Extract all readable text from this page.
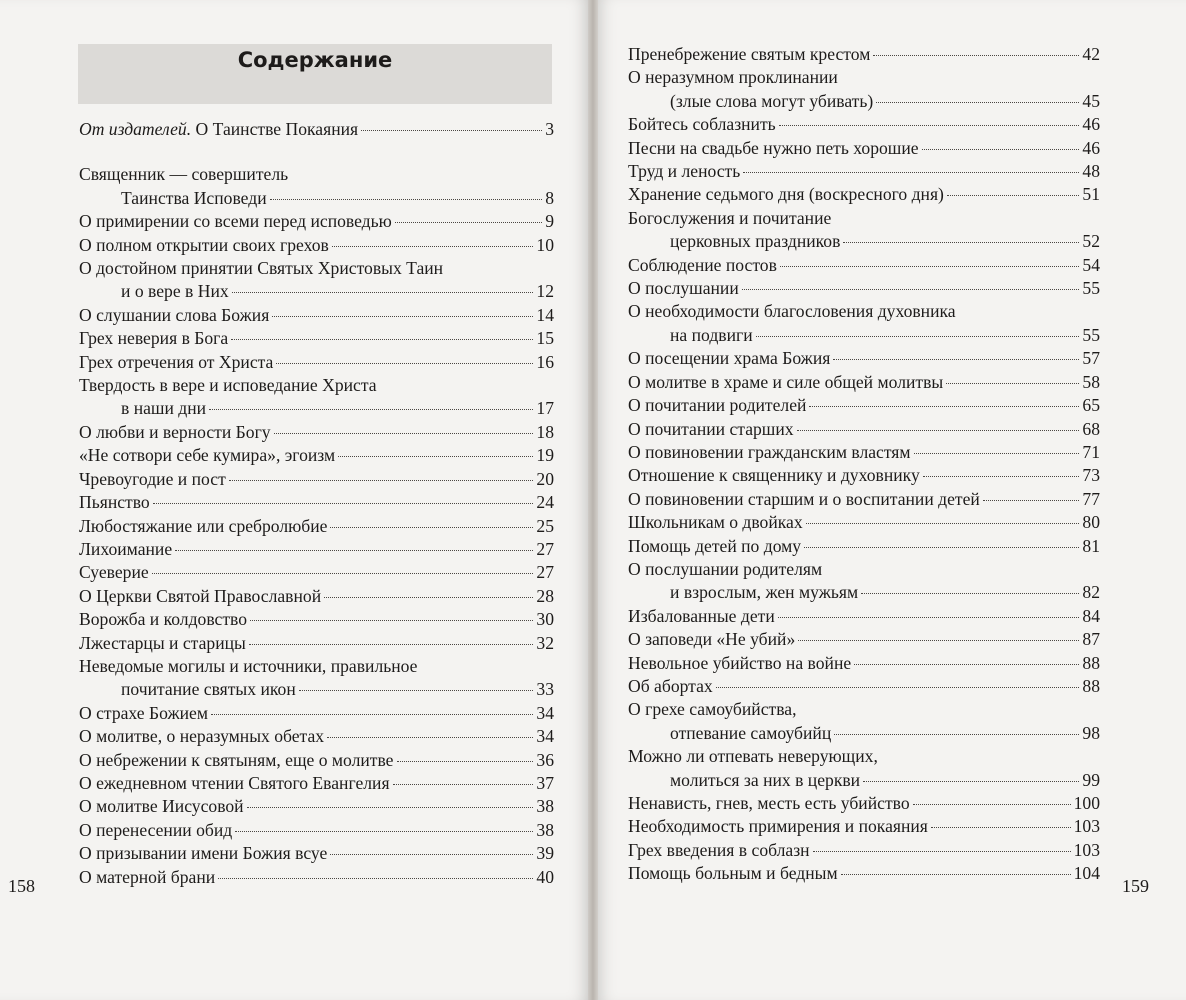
Содержание
От издателей. О Таинстве Покаяния	3
Священник — совершитель
Таинства Исповеди	8
О примирении со всеми перед исповедью	9
О полном открытии своих грехов	10
О достойном принятии Святых Христовых Таин
и о вере в Них	12
О слушании слова Божия	14
Грех неверия в Бога	15
Грех отречения от Христа	16
Твердость в вере и исповедание Христа
в наши дни	17
О любви и верности Богу	18
«Не сотвори себе кумира», эгоизм	19
Чревоугодие и пост	20
Пьянство	24
Любостяжание или сребролюбие	25
Лихоимание	27
Суеверие	27
О Церкви Святой Православной	28
Ворожба и колдовство	30
Лжестарцы и старицы	32
Неведомые могилы и источники, правильное
почитание святых икон	33
О страхе Божием	34
О молитве, о неразумных обетах	34
О небрежении к святыням, еще о молитве	36
О ежедневном чтении Святого Евангелия	37
О молитве Иисусовой	38
О перенесении обид	38
О призывании имени Божия всуе	39
О матерной брани	40
Пренебрежение святым крестом	42
О неразумном проклинании
(злые слова могут убивать)	45
Бойтесь соблазнить	46
Песни на свадьбе нужно петь хорошие	46
Труд и леность	48
Хранение седьмого дня (воскресного дня)	51
Богослужения и почитание
церковных праздников	52
Соблюдение постов	54
О послушании	55
О необходимости благословения духовника
на подвиги	55
О посещении храма Божия	57
О молитве в храме и силе общей молитвы	58
О почитании родителей	65
О почитании старших	68
О повиновении гражданским властям	71
Отношение к священнику и духовнику	73
О повиновении старшим и о воспитании детей	77
Школьникам о двойках	80
Помощь детей по дому	81
О послушании родителям
и взрослым, жен мужьям	82
Избалованные дети	84
О заповеди «Не убий»	87
Невольное убийство на войне	88
Об абортах	88
О грехе самоубийства,
отпевание самоубийц	98
Можно ли отпевать неверующих,
молиться за них в церкви	99
Ненависть, гнев, месть есть убийство	100
Необходимость примирения и покаяния	103
Грех введения в соблазн	103
Помощь больным и бедным	104
158	159
